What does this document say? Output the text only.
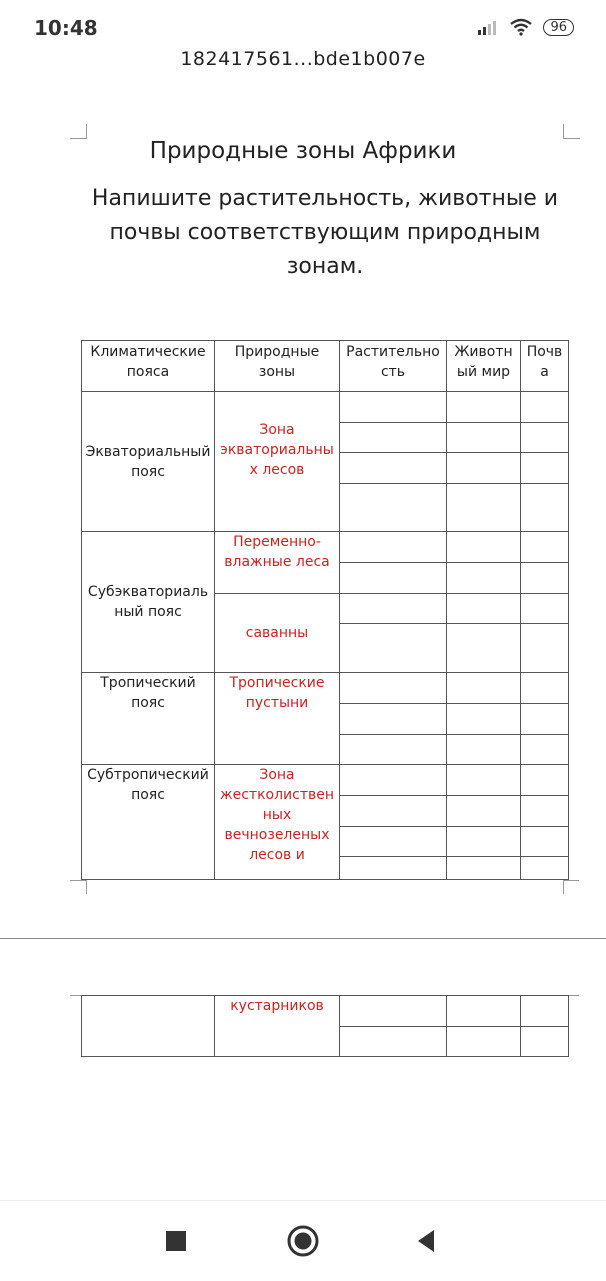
10:48	96
182417561...bde1b007e
Природные зоны Африки
Напишите растительность, животные и почвы соответствующим природным зонам.
Климатические пояса	Природные зоны	Растительно сть	Животн ый мир	Почв а
Экваториальный пояс	Зона экваториальны х лесов			

Субэкваториаль ный пояс	Переменно-влажные леса			

	саванны			

Тропический пояс	Тропические пустыни			

Субтропический пояс	Зона жестколиствен ных вечнозеленых лесов и			

	кустарников			
